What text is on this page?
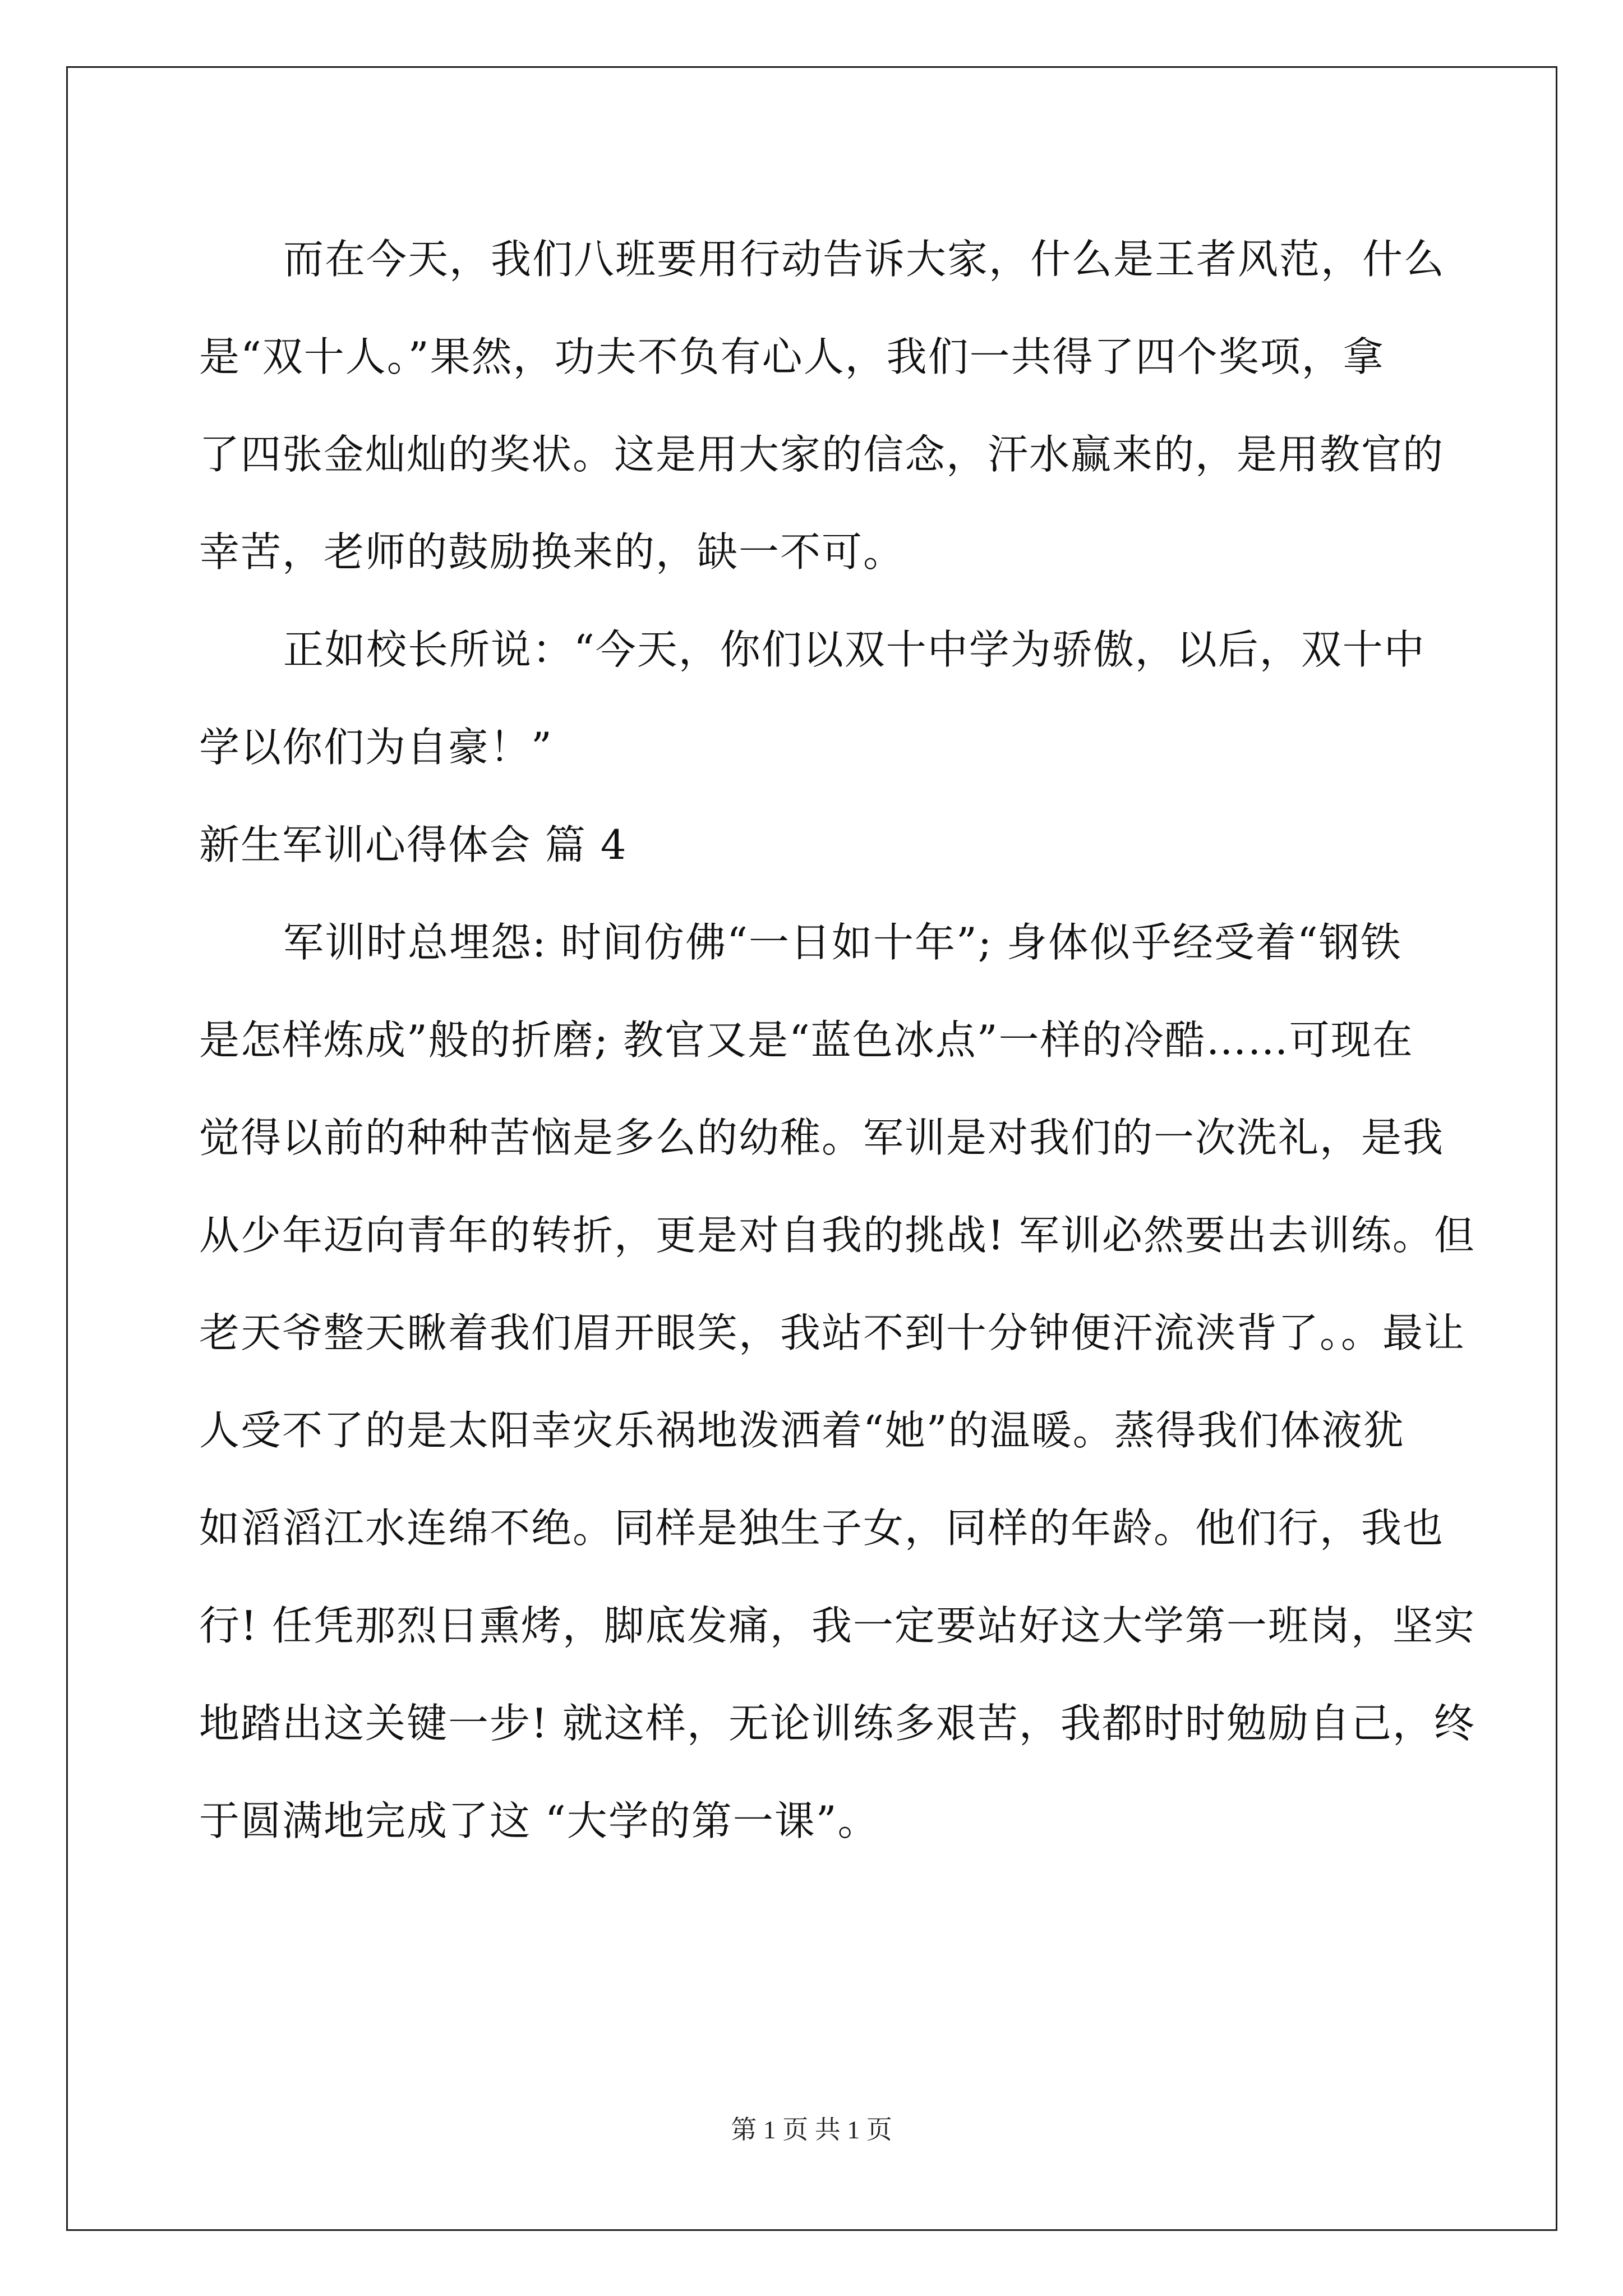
而在今天，我们八班要用行动告诉大家，什么是王者风范，什么
是“双十人。”果然，功夫不负有心人，我们一共得了四个奖项，拿
了四张金灿灿的奖状。这是用大家的信念，汗水赢来的，是用教官的
幸苦，老师的鼓励换来的，缺一不可。
正如校长所说：“今天，你们以双十中学为骄傲，以后，双十中
学以你们为自豪！”
新生军训心得体会 篇 4
军训时总埋怨: 时间仿佛“一日如十年”; 身体似乎经受着“钢铁
是怎样炼成”般的折磨; 教官又是“蓝色冰点”一样的冷酷……可现在
觉得以前的种种苦恼是多么的幼稚。军训是对我们的一次洗礼，是我
从少年迈向青年的转折，更是对自我的挑战! 军训必然要出去训练。但
老天爷整天瞅着我们眉开眼笑，我站不到十分钟便汗流浃背了。。最让
人受不了的是太阳幸灾乐祸地泼洒着“她”的温暖。蒸得我们体液犹
如滔滔江水连绵不绝。同样是独生子女，同样的年龄。他们行，我也
行! 任凭那烈日熏烤，脚底发痛，我一定要站好这大学第一班岗，坚实
地踏出这关键一步! 就这样，无论训练多艰苦，我都时时勉励自己，终
于圆满地完成了这 “大学的第一课”。
第 1 页 共 1 页
